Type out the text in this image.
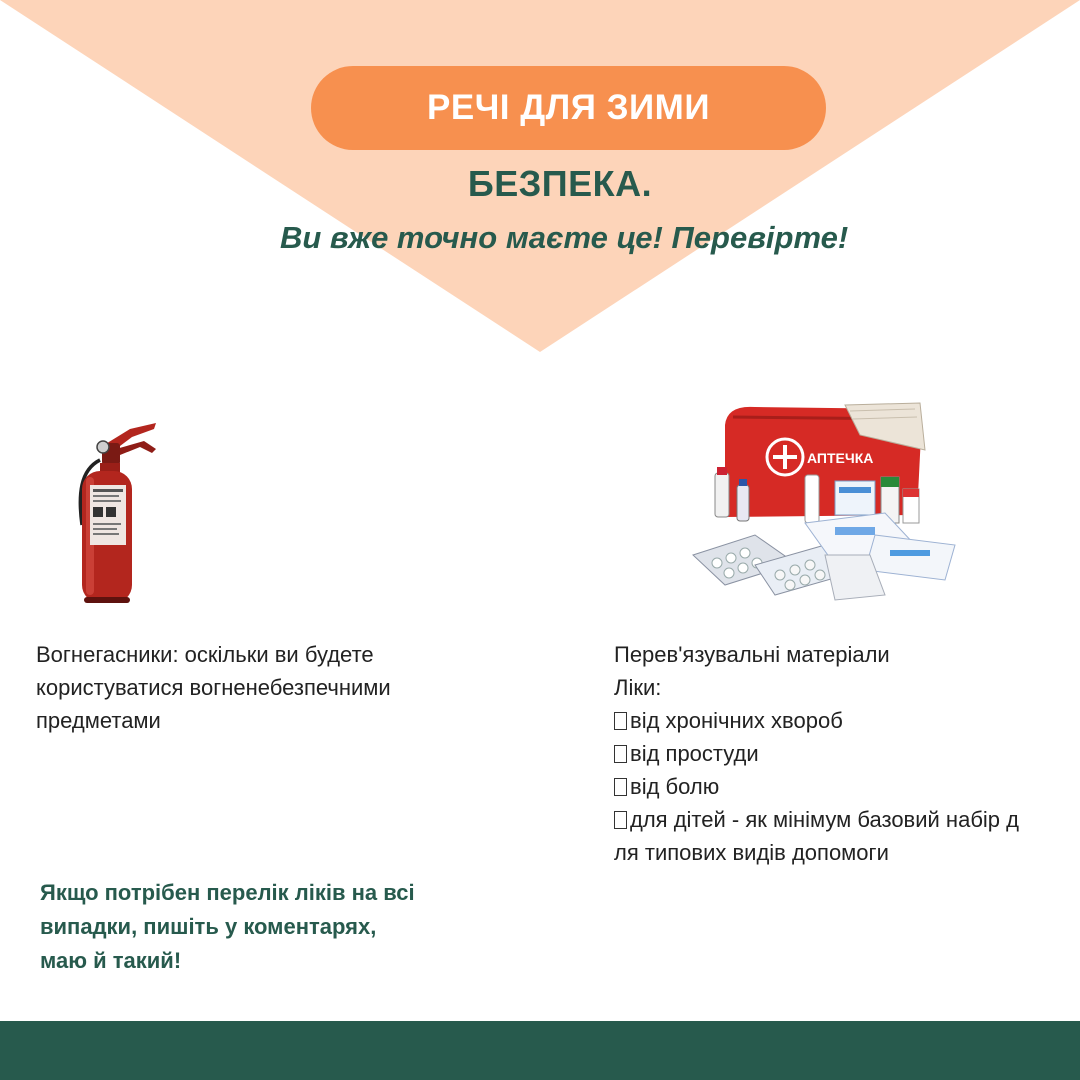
РЕЧІ ДЛЯ ЗИМИ
БЕЗПЕКА.
Ви вже точно маєте це! Перевірте!
АПТЕЧКА
Вогнегасники: оскільки ви будете
користуватися вогненебезпечними
предметами
Перев'язувальні матеріали
Ліки:
від хронічних хвороб
від простуди
від болю
для дітей - як мінімум базовий набір д
ля типових видів допомоги
Якщо потрібен перелік ліків на всі
випадки, пишіть у коментарях,
маю й такий!
